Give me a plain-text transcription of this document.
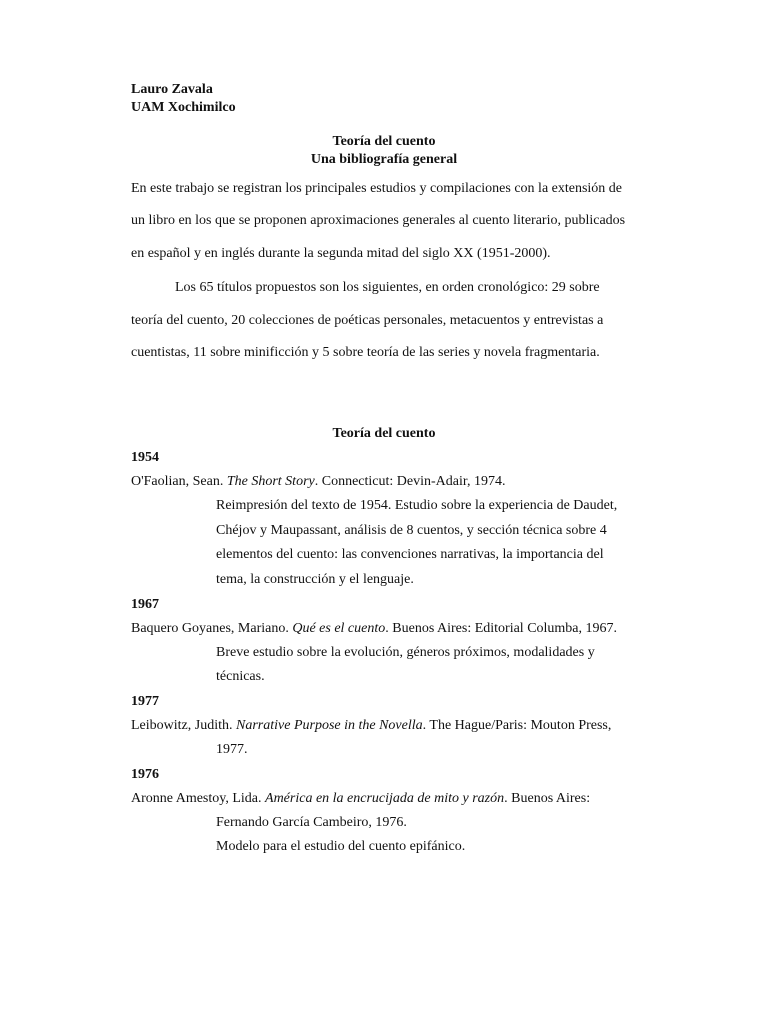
Lauro Zavala
UAM Xochimilco
Teoría del cuento
Una bibliografía general
En este trabajo se registran los principales estudios y compilaciones con la extensión de
un libro en los que se proponen aproximaciones generales al cuento literario, publicados
en español y en inglés durante la segunda mitad del siglo XX (1951-2000).
Los 65 títulos propuestos son los siguientes, en orden cronológico: 29 sobre
teoría del cuento, 20 colecciones de poéticas personales, metacuentos y entrevistas a
cuentistas, 11 sobre minificción y 5 sobre teoría de las series y novela fragmentaria.
Teoría del cuento
1954
O'Faolian, Sean. The Short Story. Connecticut: Devin-Adair, 1974.
Reimpresión del texto de 1954. Estudio sobre la experiencia de Daudet,
Chéjov y Maupassant, análisis de 8 cuentos, y sección técnica sobre 4
elementos del cuento: las convenciones narrativas, la importancia del
tema, la construcción y el lenguaje.
1967
Baquero Goyanes, Mariano. Qué es el cuento. Buenos Aires: Editorial Columba, 1967.
Breve estudio sobre la evolución, géneros próximos, modalidades y
técnicas.
1977
Leibowitz, Judith. Narrative Purpose in the Novella. The Hague/Paris: Mouton Press,
1977.
1976
Aronne Amestoy, Lida. América en la encrucijada de mito y razón. Buenos Aires:
Fernando García Cambeiro, 1976.
Modelo para el estudio del cuento epifánico.
